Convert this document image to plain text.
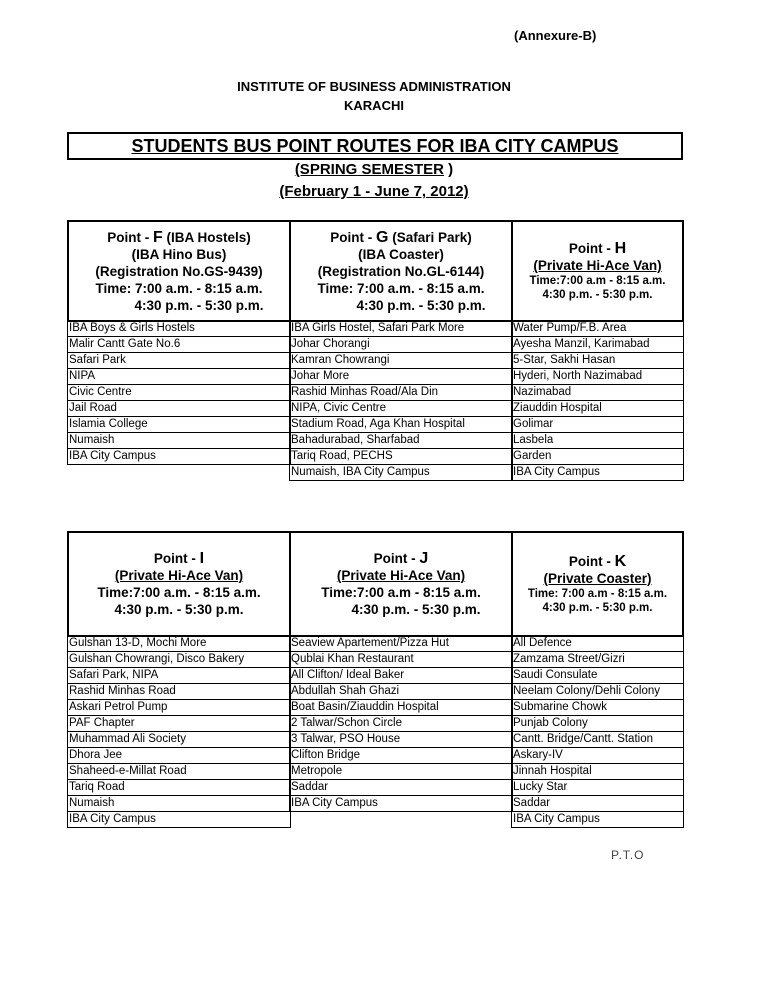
(Annexure-B)
INSTITUTE OF BUSINESS ADMINISTRATION
KARACHI
STUDENTS BUS POINT ROUTES FOR IBA CITY CAMPUS
(SPRING SEMESTER )
(February 1 - June 7, 2012)
Point - F (IBA Hostels)
(IBA Hino Bus)
(Registration No.GS-9439)
Time: 7:00 a.m. - 8:15 a.m.
4:30 p.m. - 5:30 p.m.
Point - G (Safari Park)
(IBA Coaster)
(Registration No.GL-6144)
Time: 7:00 a.m. - 8:15 a.m.
4:30 p.m. - 5:30 p.m.
Point - H
(Private Hi-Ace Van)
Time:7:00 a.m - 8:15 a.m.
4:30 p.m. - 5:30 p.m.
IBA Boys & Girls Hostels
Malir Cantt Gate No.6
Safari Park
NIPA
Civic Centre
Jail Road
Islamia College
Numaish
IBA City Campus
IBA Girls Hostel, Safari Park More
Johar Chorangi
Kamran Chowrangi
Johar More
Rashid Minhas Road/Ala Din
NIPA, Civic Centre
Stadium Road, Aga Khan Hospital
Bahadurabad, Sharfabad
Tariq Road, PECHS
Numaish, IBA City Campus
Water Pump/F.B. Area
Ayesha Manzil, Karimabad
5-Star, Sakhi Hasan
Hyderi, North Nazimabad
Nazimabad
Ziauddin Hospital
Golimar
Lasbela
Garden
IBA City Campus
Point - I
(Private Hi-Ace Van)
Time:7:00 a.m. - 8:15 a.m.
4:30 p.m. - 5:30 p.m.
Point - J
(Private Hi-Ace Van)
Time:7:00 a.m - 8:15 a.m.
4:30 p.m. - 5:30 p.m.
Point - K
(Private Coaster)
Time: 7:00 a.m - 8:15 a.m.
4:30 p.m. - 5:30 p.m.
Gulshan 13-D, Mochi More
Gulshan Chowrangi, Disco Bakery
Safari Park, NIPA
Rashid Minhas Road
Askari Petrol Pump
PAF Chapter
Muhammad Ali Society
Dhora Jee
Shaheed-e-Millat Road
Tariq Road
Numaish
IBA City Campus
Seaview Apartement/Pizza Hut
Qublai Khan Restaurant
All Clifton/ Ideal Baker
Abdullah Shah Ghazi
Boat Basin/Ziauddin Hospital
2 Talwar/Schon Circle
3 Talwar, PSO House
Clifton Bridge
Metropole
Saddar
IBA City Campus
All Defence
Zamzama Street/Gizri
Saudi Consulate
Neelam Colony/Dehli Colony
Submarine Chowk
Punjab Colony
Cantt. Bridge/Cantt. Station
Askary-IV
Jinnah Hospital
Lucky Star
Saddar
IBA City Campus
P.T.O
